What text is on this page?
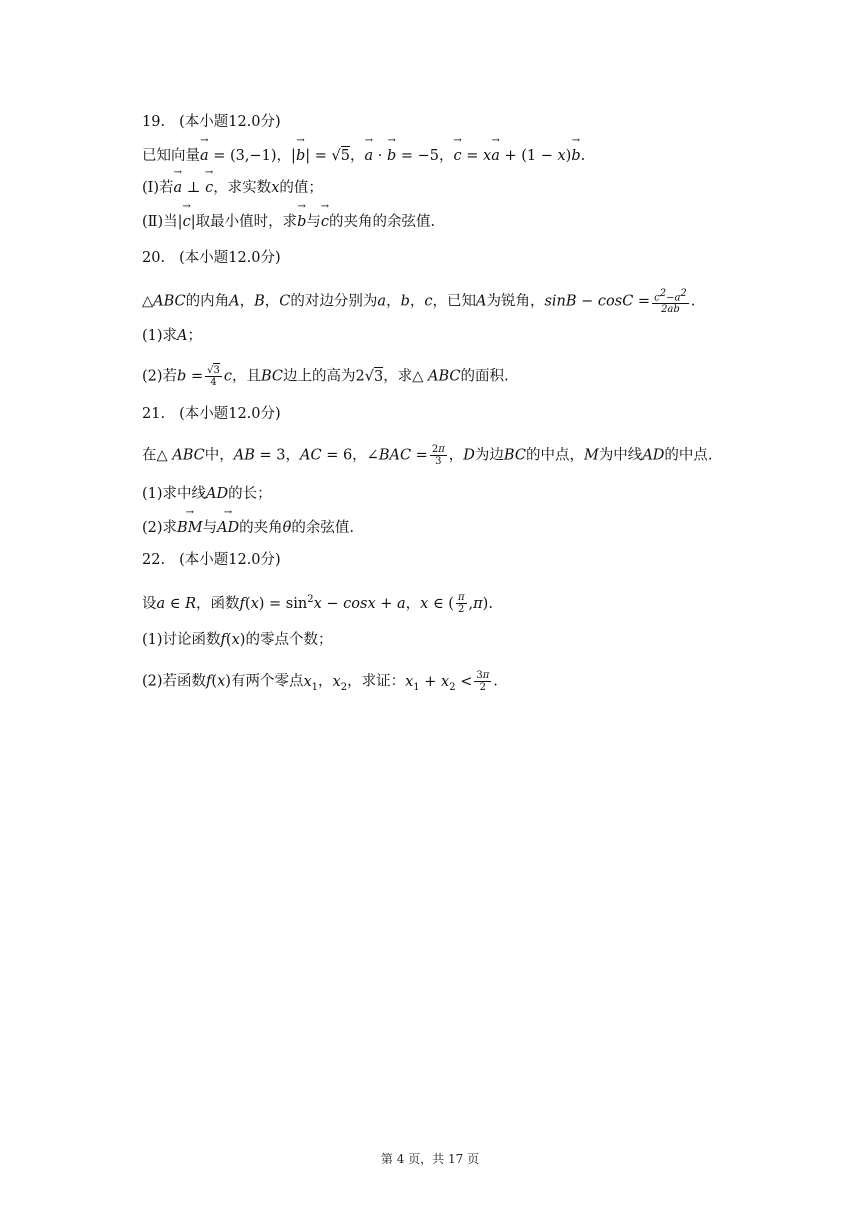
19. (本小题12.0分)
已知向量→ a = (3,−1)，|→ b| = √5，→ a · → b = −5，→ c = x→ a + (1 − x)→ b.
(Ⅰ)若→ a ⊥ → c，求实数x的值；
(Ⅱ)当|→ c|取最小值时，求→ b与→ c的夹角的余弦值.
20. (本小题12.0分)
△ABC的内角A，B，C的对边分别为a，b，c，已知A为锐角，$\sin B - \cos C = \frac{c^2-a^2}{2ab}$ .
(1)求A；
(2)若$b = \frac{√3}{4}$ c，且BC边上的高为2√3，求△ ABC的面积.
21. (本小题12.0分)
在△ ABC中，AB = 3，AC = 6，∠BAC = $\frac{2\pi}{3}$ ，D为边BC的中点，M为中线AD的中点.
(1)求中线AD的长；
(2)求→ BM与→ AD的夹角θ的余弦值.
22. (本小题12.0分)
设a ∈ R，函数$f(x) = \sin^2x - \cos x + a$，x ∈ ( $\frac{\pi}{2} ,\pi$).
(1)讨论函数f(x)的零点个数；
(2)若函数f(x)有两个零点$x_1$，$x_2$，求证：$x_1 + x_2 < \frac{3\pi}{2}$ .
第 4 页，共 17 页
